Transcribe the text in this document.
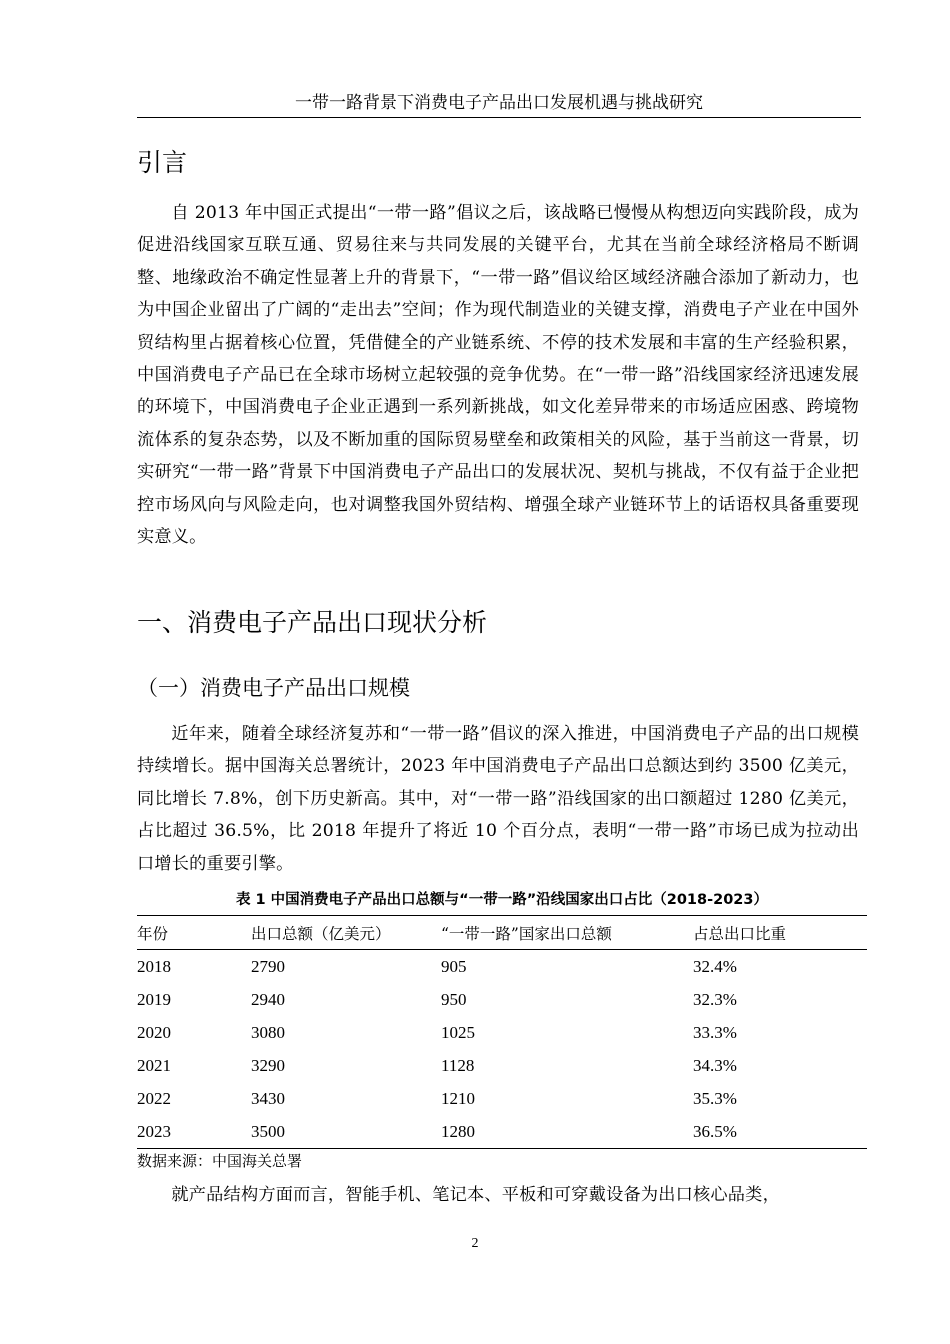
一带一路背景下消费电子产品出口发展机遇与挑战研究
引言

自 2013 年中国正式提出“一带一路”倡议之后，该战略已慢慢从构想迈向实践阶段，成为促进沿线国家互联互通、贸易往来与共同发展的关键平台，尤其在当前全球经济格局不断调整、地缘政治不确定性显著上升的背景下，“一带一路”倡议给区域经济融合添加了新动力，也为中国企业留出了广阔的“走出去”空间；作为现代制造业的关键支撑，消费电子产业在中国外贸结构里占据着核心位置，凭借健全的产业链系统、不停的技术发展和丰富的生产经验积累，中国消费电子产品已在全球市场树立起较强的竞争优势。在“一带一路”沿线国家经济迅速发展的环境下，中国消费电子企业正遇到一系列新挑战，如文化差异带来的市场适应困惑、跨境物流体系的复杂态势，以及不断加重的国际贸易壁垒和政策相关的风险，基于当前这一背景，切实研究“一带一路”背景下中国消费电子产品出口的发展状况、契机与挑战，不仅有益于企业把控市场风向与风险走向，也对调整我国外贸结构、增强全球产业链环节上的话语权具备重要现实意义。

一、消费电子产品出口现状分析
（一）消费电子产品出口规模

近年来，随着全球经济复苏和“一带一路”倡议的深入推进，中国消费电子产品的出口规模持续增长。据中国海关总署统计，2023 年中国消费电子产品出口总额达到约 3500 亿美元，同比增长 7.8%，创下历史新高。其中，对“一带一路”沿线国家的出口额超过 1280 亿美元，占比超过 36.5%，比 2018 年提升了将近 10 个百分点，表明“一带一路”市场已成为拉动出口增长的重要引擎。

表 1 中国消费电子产品出口总额与“一带一路”沿线国家出口占比（2018-2023）
年份	出口总额（亿美元）	“一带一路”国家出口总额	占总出口比重
2018	2790	905	32.4%
2019	2940	950	32.3%
2020	3080	1025	33.3%
2021	3290	1128	34.3%
2022	3430	1210	35.3%
2023	3500	1280	36.5%
数据来源：中国海关总署

就产品结构方面而言，智能手机、笔记本、平板和可穿戴设备为出口核心品类，

2
